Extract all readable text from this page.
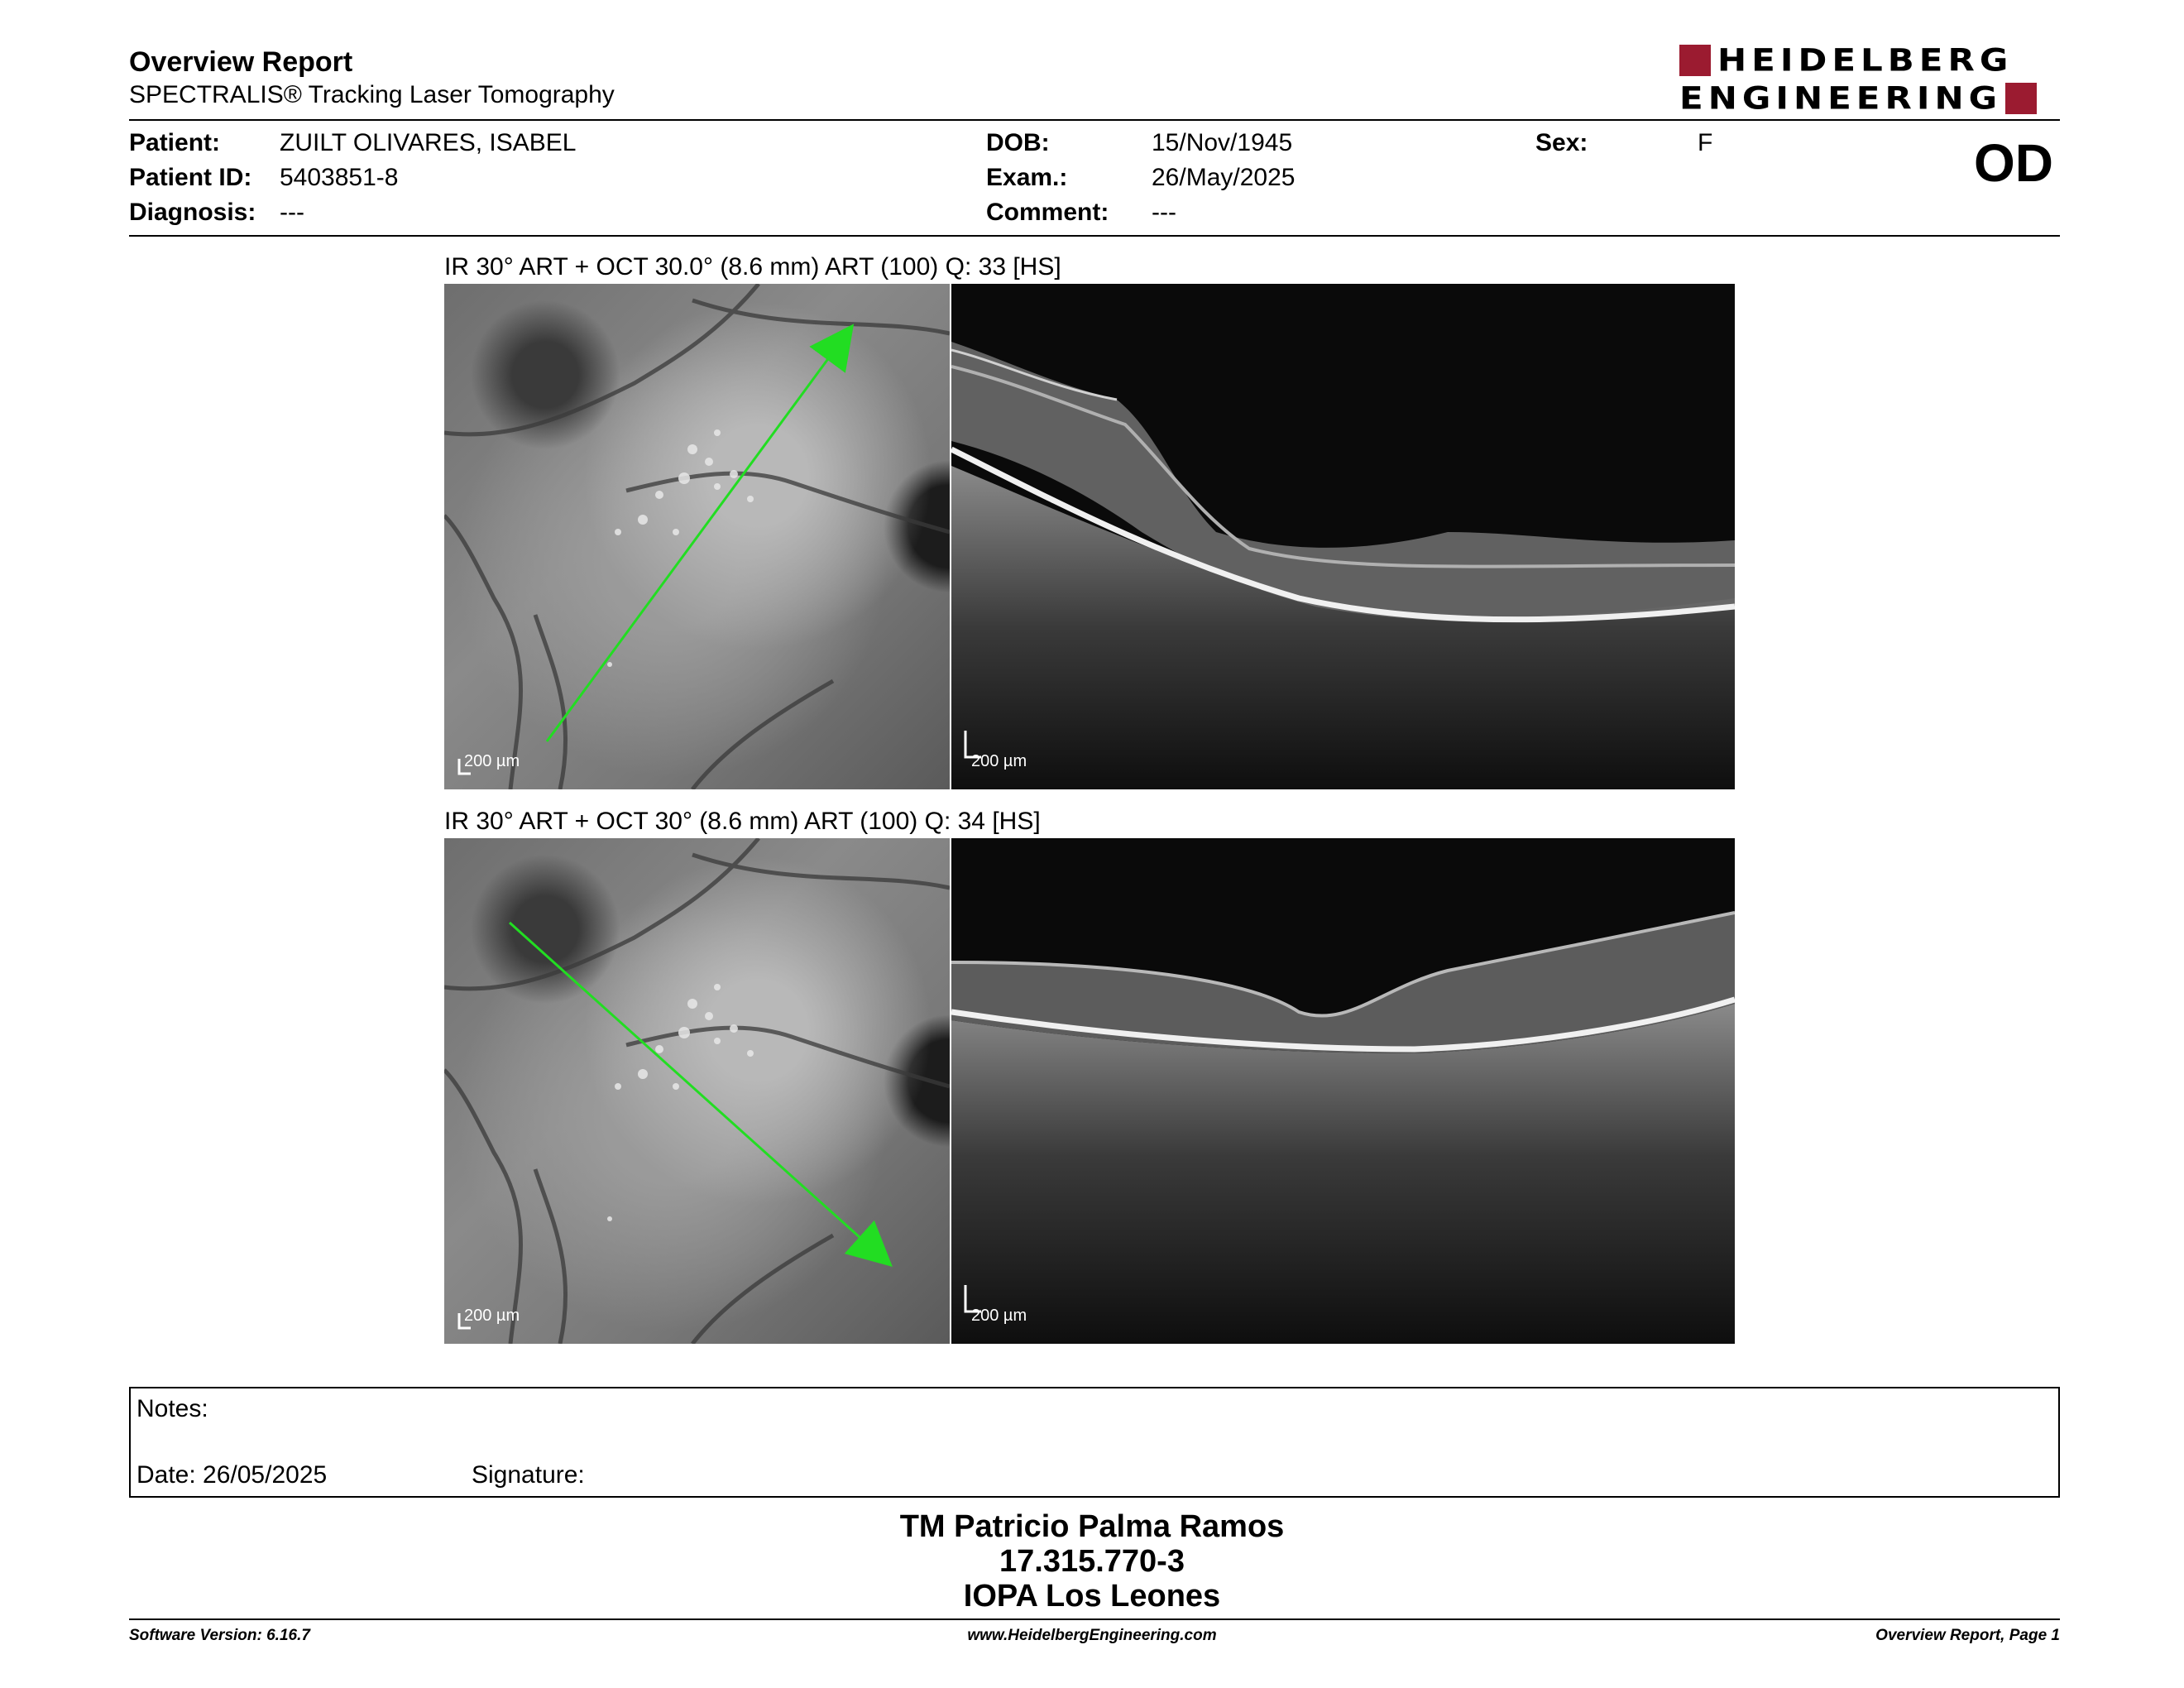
Overview Report
SPECTRALIS® Tracking Laser Tomography
HEIDELBERG
ENGINEERING
Patient: ZUILT OLIVARES, ISABEL
Patient ID: 5403851-8
Diagnosis: ---
DOB:	15/Nov/1945
Exam.:	26/May/2025
Comment: ---
Sex:	F	OD
IR 30° ART + OCT 30.0° (8.6 mm) ART (100) Q: 33 [HS]
200 µm	200 µm
IR 30° ART + OCT 30° (8.6 mm) ART (100) Q: 34 [HS]
200 µm	200 µm
Notes:
Date: 26/05/2025	Signature:
TM Patricio Palma Ramos
17.315.770-3
IOPA Los Leones
Software Version: 6.16.7	www.HeidelbergEngineering.com	Overview Report, Page 1
